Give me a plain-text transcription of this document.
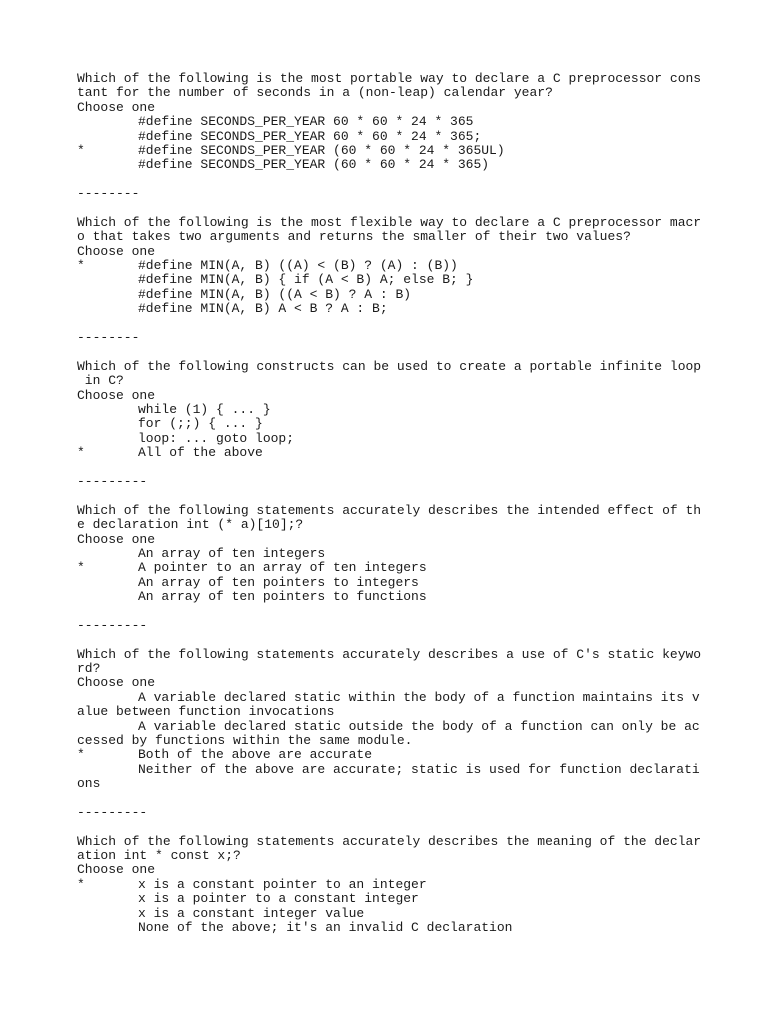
Which of the following is the most portable way to declare a C preprocessor cons
tant for the number of seconds in a (non-leap) calendar year?
Choose one
#define SECONDS_PER_YEAR 60 * 60 * 24 * 365
#define SECONDS_PER_YEAR 60 * 60 * 24 * 365;
*	#define SECONDS_PER_YEAR (60 * 60 * 24 * 365UL)
#define SECONDS_PER_YEAR (60 * 60 * 24 * 365)
--------
Which of the following is the most flexible way to declare a C preprocessor macr
o that takes two arguments and returns the smaller of their two values?
Choose one
*	#define MIN(A, B) ((A) < (B) ? (A) : (B))
#define MIN(A, B) { if (A < B) A; else B; }
#define MIN(A, B) ((A < B) ? A : B)
#define MIN(A, B) A < B ? A : B;
--------
Which of the following constructs can be used to create a portable infinite loop
in C?
Choose one
while (1) { ... }
for (;;) { ... }
loop: ... goto loop;
*	All of the above
---------
Which of the following statements accurately describes the intended effect of th
e declaration int (* a)[10];?
Choose one
An array of ten integers
*	A pointer to an array of ten integers
An array of ten pointers to integers
An array of ten pointers to functions
---------
Which of the following statements accurately describes a use of C's static keywo
rd?
Choose one
A variable declared static within the body of a function maintains its v
alue between function invocations
A variable declared static outside the body of a function can only be ac
cessed by functions within the same module.
*	Both of the above are accurate
Neither of the above are accurate; static is used for function declarati
ons
---------
Which of the following statements accurately describes the meaning of the declar
ation int * const x;?
Choose one
*	x is a constant pointer to an integer
x is a pointer to a constant integer
x is a constant integer value
None of the above; it's an invalid C declaration
